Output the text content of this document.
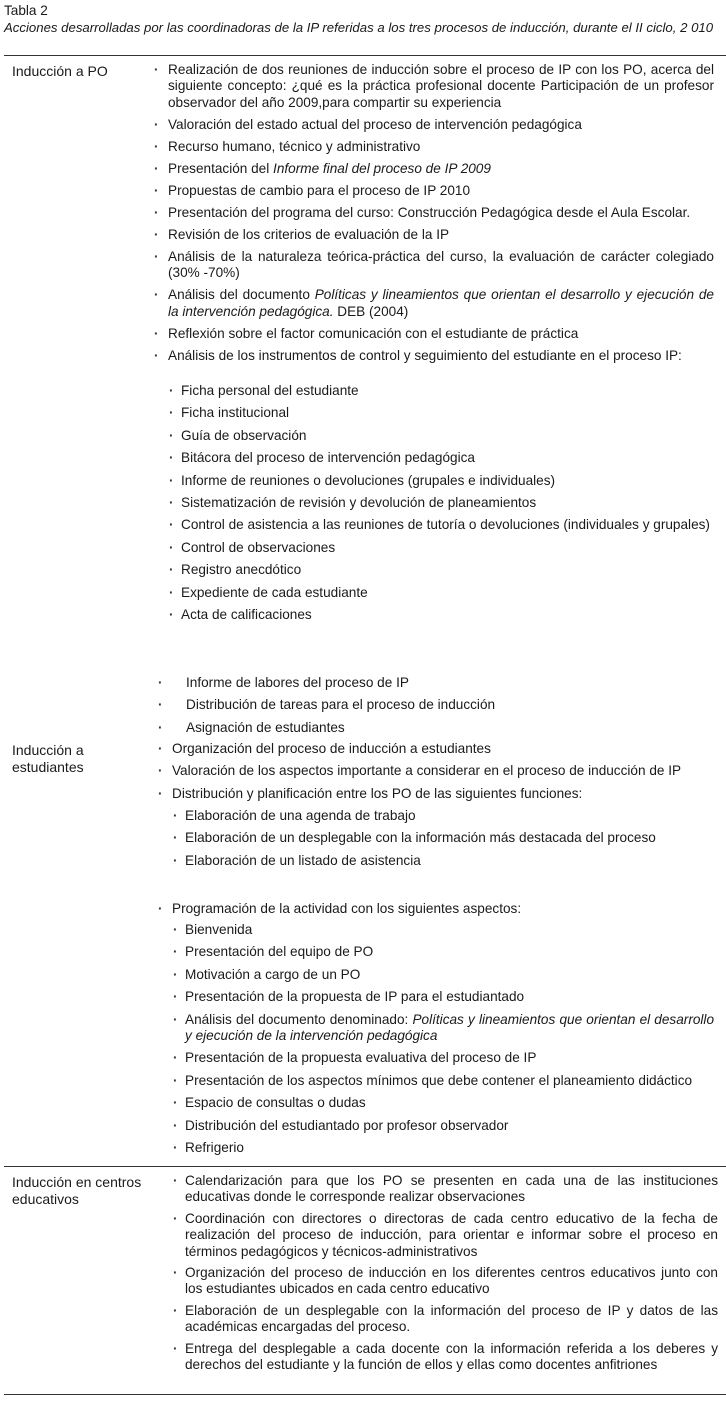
Tabla 2
Acciones desarrolladas por las coordinadoras de la IP referidas a los tres procesos de inducción, durante el II ciclo, 2 010
Inducción a PO
·	Realización de dos reuniones de inducción sobre el proceso de IP con los PO, acerca del siguiente concepto: ¿qué es la práctica profesional docente Participación de un profesor observador del año 2009,para compartir su experiencia
· Valoración del estado actual del proceso de intervención pedagógica
· Recurso humano, técnico y administrativo
· Presentación del Informe final del proceso de IP 2009
· Propuestas de cambio para el proceso de IP 2010
· Presentación del programa del curso: Construcción Pedagógica desde el Aula Escolar.
· Revisión de los criterios de evaluación de la IP
· Análisis de la naturaleza teórica-práctica del curso, la evaluación de carácter colegiado (30% -70%)
· Análisis del documento Políticas y lineamientos que orientan el desarrollo y ejecución de la intervención pedagógica. DEB (2004)
· Reflexión sobre el factor comunicación con el estudiante de práctica
· Análisis de los instrumentos de control y seguimiento del estudiante en el proceso IP:
· Ficha personal del estudiante
· Ficha institucional
· Guía de observación
· Bitácora del proceso de intervención pedagógica
· Informe de reuniones o devoluciones (grupales e individuales)
· Sistematización de revisión y devolución de planeamientos
· Control de asistencia a las reuniones de tutoría o devoluciones (individuales y grupales)
· Control de observaciones
· Registro anecdótico
· Expediente de cada estudiante
· Acta de calificaciones
Inducción a estudiantes
· Informe de labores del proceso de IP
· Distribución de tareas para el proceso de inducción
· Asignación de estudiantes
· Organización del proceso de inducción a estudiantes
· Valoración de los aspectos importante a considerar en el proceso de inducción de IP
· Distribución y planificación entre los PO de las siguientes funciones:
· Elaboración de una agenda de trabajo
· Elaboración de un desplegable con la información más destacada del proceso
· Elaboración de un listado de asistencia
· Programación de la actividad con los siguientes aspectos:
· Bienvenida
· Presentación del equipo de PO
· Motivación a cargo de un PO
· Presentación de la propuesta de IP para el estudiantado
· Análisis del documento denominado: Políticas y lineamientos que orientan el desarrollo y ejecución de la intervención pedagógica
· Presentación de la propuesta evaluativa del proceso de IP
· Presentación de los aspectos mínimos que debe contener el planeamiento didáctico
· Espacio de consultas o dudas
· Distribución del estudiantado por profesor observador
· Refrigerio
Inducción en centros educativos
· Calendarización para que los PO se presenten en cada una de las instituciones educativas donde le corresponde realizar observaciones
· Coordinación con directores o directoras de cada centro educativo de la fecha de realización del proceso de inducción, para orientar e informar sobre el proceso en términos pedagógicos y técnicos-administrativos
· Organización del proceso de inducción en los diferentes centros educativos junto con los estudiantes ubicados en cada centro educativo
· Elaboración de un desplegable con la información del proceso de IP y datos de las académicas encargadas del proceso.
· Entrega del desplegable a cada docente con la información referida a los deberes y derechos del estudiante y la función de ellos y ellas como docentes anfitriones
